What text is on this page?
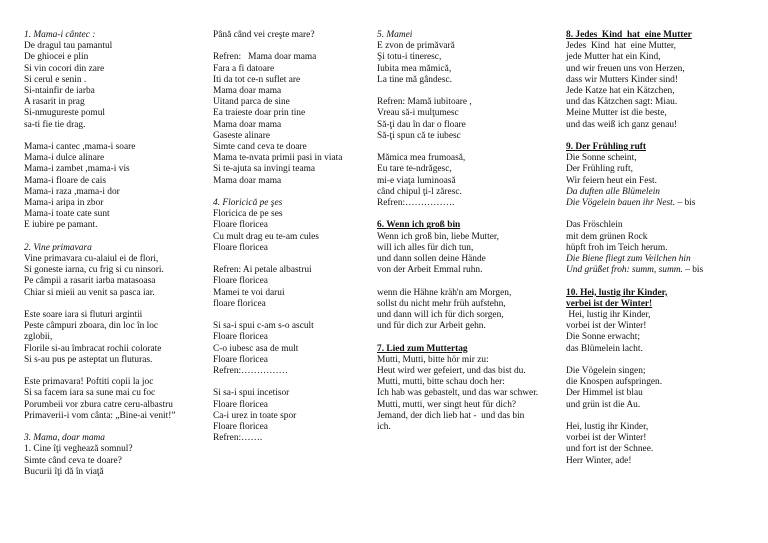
1. Mama-i cântec :
De dragul tau pamantul
De ghiocei e plin
Si vin cocori din zare
Si cerul e senin .
Si-ntainfir de iarba
A rasarit in prag
Si-nmugureste pomul
sa-ti fie tie drag.
Mama-i cantec ,mama-i soare
Mama-i dulce alinare
Mama-i zambet ,mama-i vis
Mama-i floare de cais
Mama-i raza ,mama-i dor
Mama-i aripa in zbor
Mama-i toate cate sunt
E iubire pe pamant.
2. Vine primavara
Vine primavara cu-alaiul ei de flori,
Si goneste iarna, cu frig si cu ninsori.
Pe câmpii a rasarit iarba matasoasa
Chiar si mieii au venit sa pasca iar.
Este soare iara si fluturi argintii
Peste câmpuri zboara, din loc în loc
zglobii,
Florile si-au îmbracat rochii colorate
Si s-au pus pe asteptat un fluturas.
Este primavara! Poftiti copii la joc
Si sa facem iara sa sune mai cu foc
Porumbeii vor zbura catre ceru-albastru
Primaverii-i vom cânta: „Bine-ai venit!”
3. Mama, doar mama
1. Cine îţi veghează somnul?
Simte când ceva te doare?
Bucurii îţi dă în viaţă
Până când vei creşte mare?
Refren:   Mama doar mama
Fara a fi datoare
Iti da tot ce-n suflet are
Mama doar mama
Uitand parca de sine
Ea traieste doar prin tine
Mama doar mama
Gaseste alinare
Simte cand ceva te doare
Mama te-nvata primii pasi in viata
Si te-ajuta sa invingi teama
Mama doar mama
4. Floricică pe şes
Floricica de pe ses
Floare floricea
Cu mult drag eu te-am cules
Floare floricea
Refren: Ai petale albastrui
Floare floricea
Mamei te voi darui
floare floricea
Si sa-i spui c-am s-o ascult
Floare floricea
C-o iubesc asa de mult
Floare floricea
Refren:……………
Si sa-i spui incetisor
Floare floricea
Ca-i urez in toate spor
Floare floricea
Refren:…….
5. Mamei
E zvon de primăvară
Şi totu-i tineresc,
Iubita mea mămică,
La tine mă gândesc.
Refren: Mamă iubitoare ,
Vreau să-i mulţumesc
Să-ţi dau în dar o floare
Să-ţi spun că te iubesc
Mămica mea frumoasă,
Eu tare te-ndrăgesc,
mi-e viaţa luminoasă
când chipul ţi-l zăresc.
Refren:…………….
6. Wenn ich groß bin
Wenn ich groß bin, liebe Mutter,
will ich alles für dich tun,
und dann sollen deine Hände
von der Arbeit Emmal ruhn.
wenn die Hähne kräh'n am Morgen,
sollst du nicht mehr früh aufstehn,
und dann will ich für dich sorgen,
und für dich zur Arbeit gehn.
7. Lied zum Muttertag
Mutti, Mutti, bitte hör mir zu:
Heut wird wer gefeiert, und das bist du.
Mutti, mutti, bitte schau doch her:
Ich hab was gebastelt, und das war schwer.
Mutti, mutti, wer singt heut für dich?
Jemand, der dich lieb hat -  und das bin
ich.
8. Jedes  Kind  hat  eine Mutter
Jedes  Kind  hat  eine Mutter,
jede Mutter hat ein Kind,
und wir freuen uns von Herzen,
dass wir Mutters Kinder sind!
Jede Katze hat ein Kätzchen,
und das Kätzchen sagt: Miau.
Meine Mutter ist die beste,
und das weiß ich ganz genau!
9. Der Frühling ruft
Die Sonne scheint,
Der Frühling ruft,
Wir feiern heut ein Fest.
Da duften alle Blümelein
Die Vögelein bauen ihr Nest. – bis
Das Fröschlein
mit dem grünen Rock
hüpft froh im Teich herum.
Die Biene fliegt zum Veilchen hin
Und grüßet froh: summ, summ. – bis
10. Hei, lustig ihr Kinder,
verbei ist der Winter!
Hei, lustig ihr Kinder,
vorbei ist der Winter!
Die Sonne erwacht;
das Blümelein lacht.
Die Vögelein singen;
die Knospen aufspringen.
Der Himmel ist blau
und grün ist die Au.
Hei, lustig ihr Kinder,
vorbei ist der Winter!
und fort ist der Schnee.
Herr Winter, ade!
